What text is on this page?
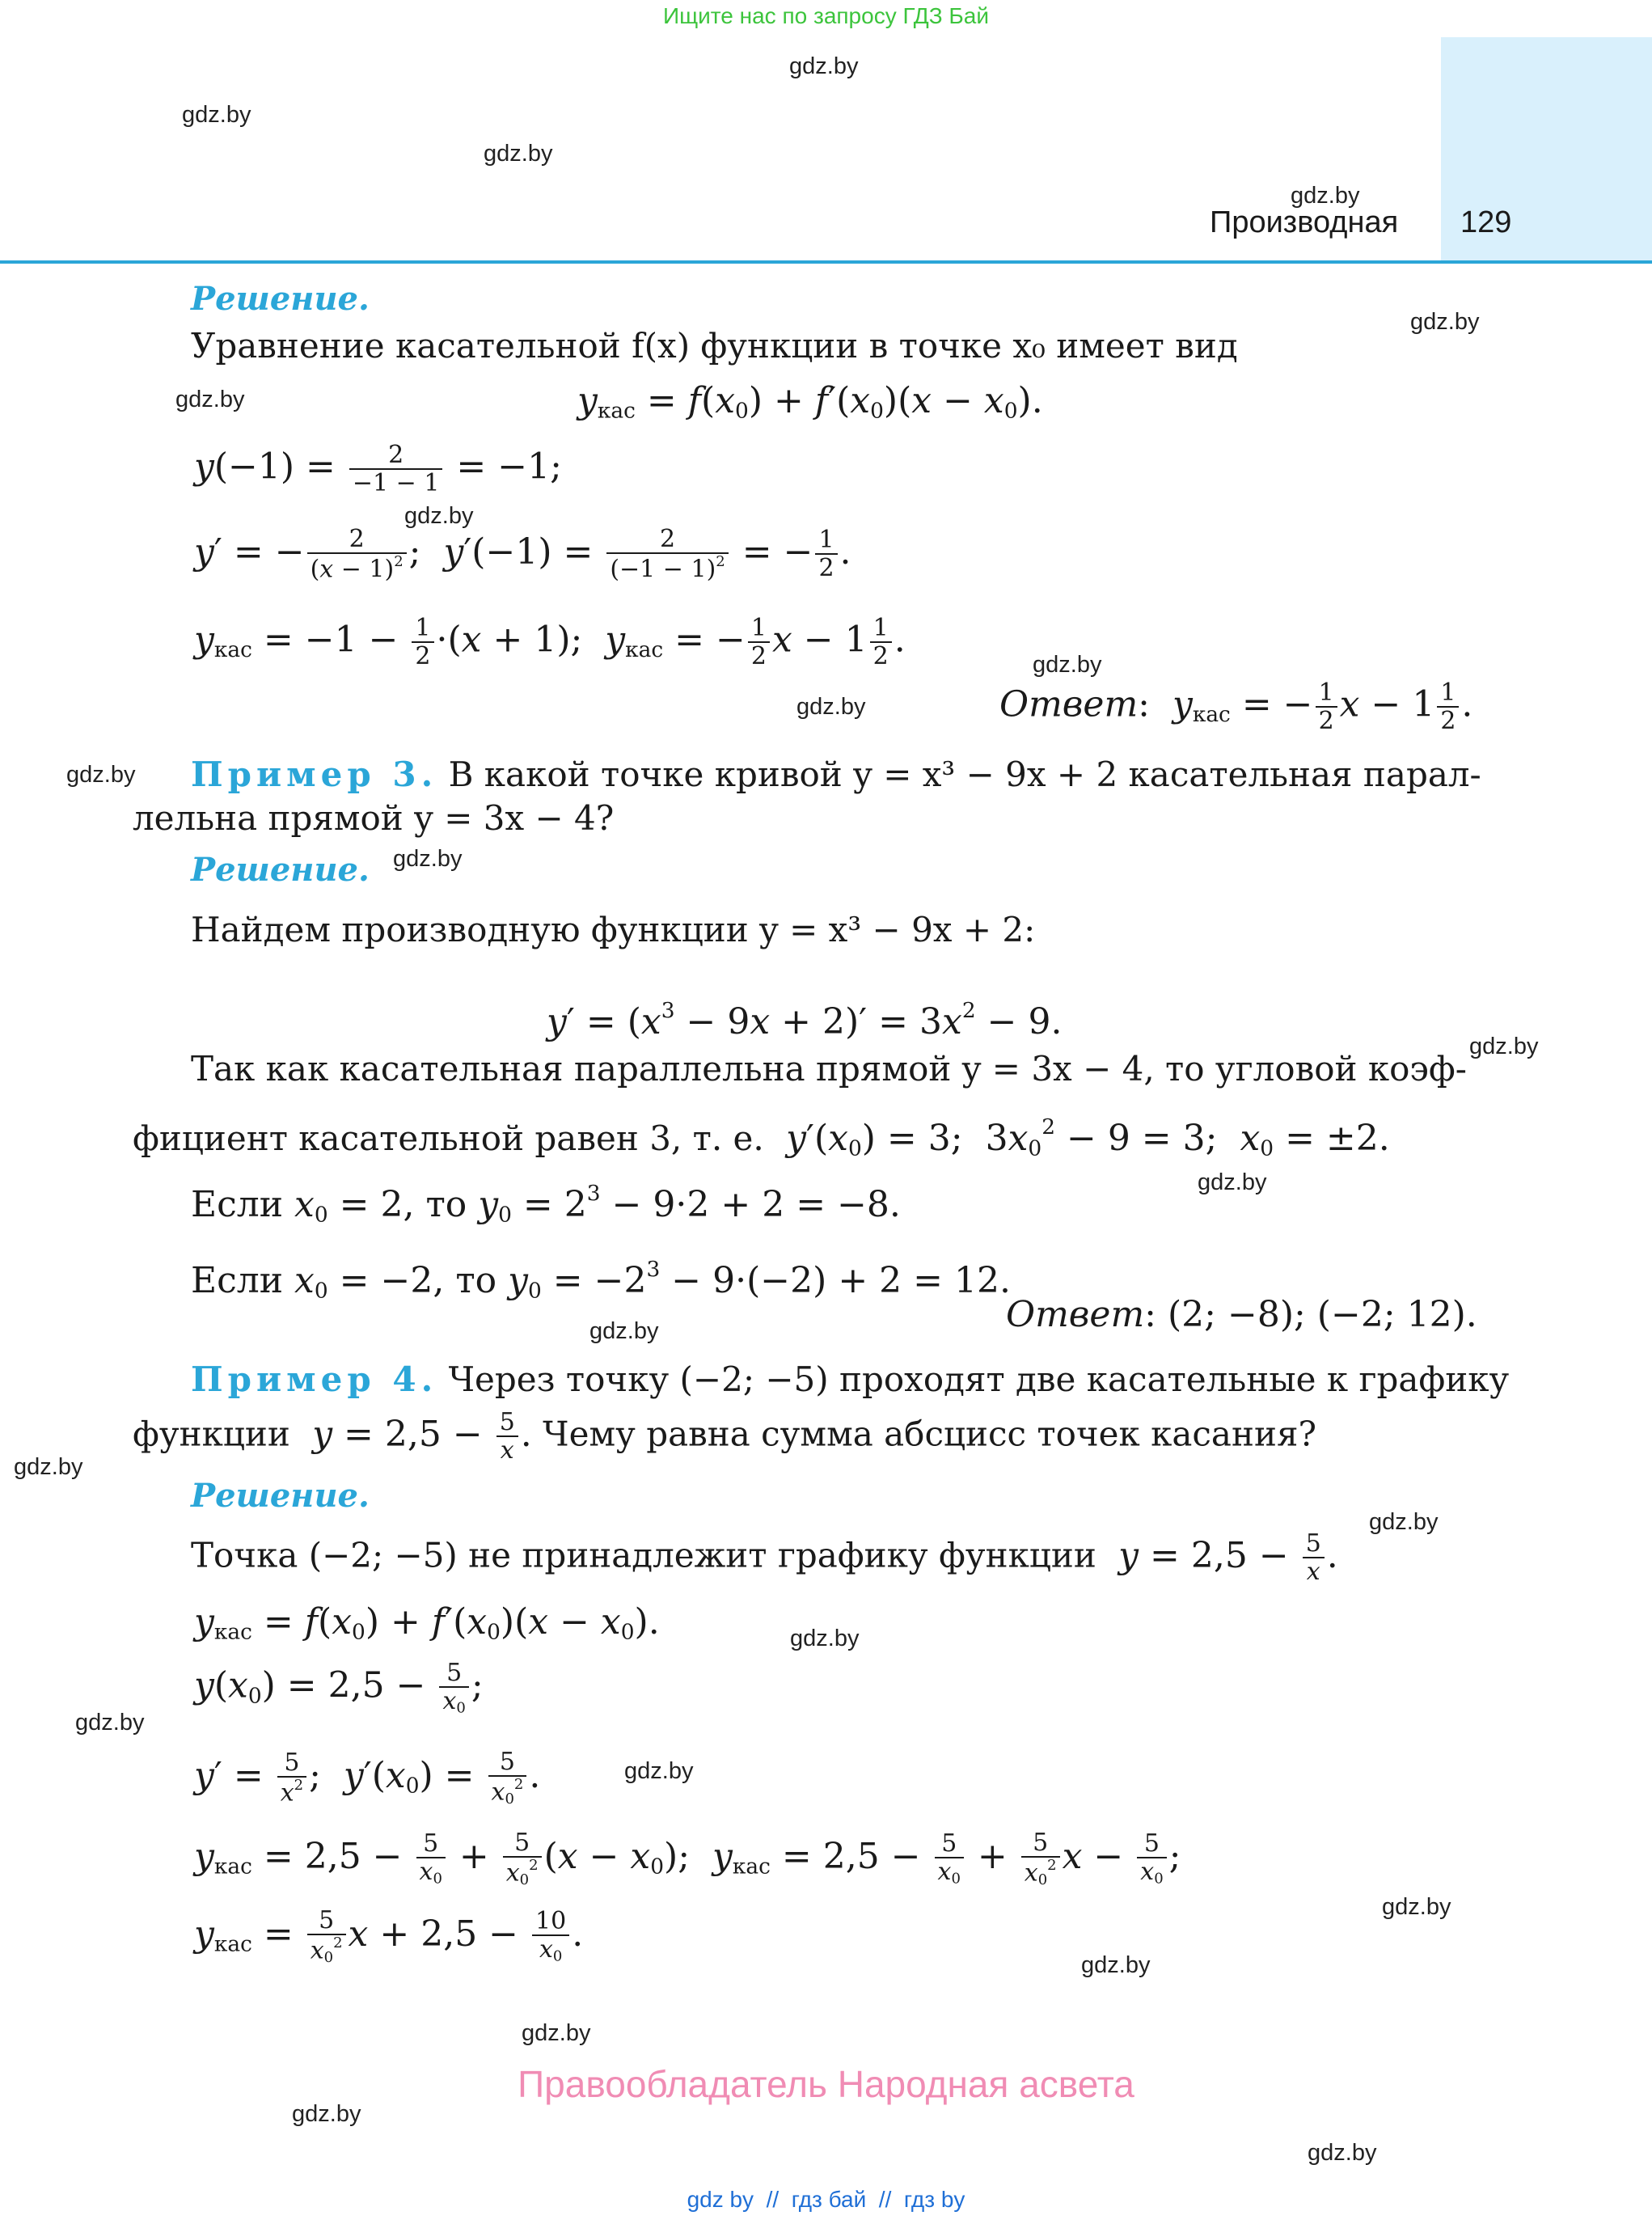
Ищите нас по запросу ГДЗ Бай
Производная 129
gdz.by
gdz.by
gdz.by
gdz.by
gdz.by
gdz.by
gdz.by
gdz.by
gdz.by
gdz.by
gdz.by
gdz.by
gdz.by
gdz.by
gdz.by
gdz.by
gdz.by
gdz.by
gdz.by
gdz.by
gdz.by
gdz.by
gdz.by
gdz.by
Решение.
Уравнение касательной f(x) функции в точке x₀ имеет вид
$y_{кас} = f(x_0) + f'(x_0)(x - x_0)$.
$y(-1) = \frac{2}{-1 - 1} = -1$;
y′ = − $\frac{2}{(x - 1)^2}$ ;  $y'(-1) = \frac{2}{(-1 - 1)^2}$ = − $\frac{1}{2}$ .
$y_{кас} = -1 - \frac{1}{2} \cdot(x + 1)$;  $y_{кас}$ = − $\frac{1}{2}$ $x - 1 \frac{1}{2}$ .
Ответ:  $y_{кас}$ = − $\frac{1}{2}$ $x - 1 \frac{1}{2}$ .
Пример 3. В какой точке кривой y = x³ − 9x + 2 касательная парал-
лельна прямой y = 3x − 4?
Решение.
Найдем производную функции y = x³ − 9x + 2:
$y' = (x^3 - 9x + 2)' = 3x^2 - 9$.
Так как касательная параллельна прямой y = 3x − 4, то угловой коэф-
фициент касательной равен 3, т. е. $y'(x_0) = 3$;  $3x_0^2 - 9 = 3$;  $x_0 = \pm 2$.
Если $x_0 = 2$, то $y_0 = 2^3 - 9\cdot 2 + 2 = -8$.
Если $x_0 = -2$, то $y_0 = -2^3 - 9\cdot(-2) + 2 = 12$.
Ответ: (2; −8); (−2; 12).
Пример 4. Через точку (−2; −5) проходят две касательные к графику
функции $y = 2,5 - \frac{5}{x}$ . Чему равна сумма абсцисс точек касания?
Решение.
Точка (−2; −5) не принадлежит графику функции $y = 2,5 - \frac{5}{x}$ .
$y_{кас} = f(x_0) + f'(x_0)(x - x_0)$.
$y(x_0) = 2,5 - \frac{5}{x_0}$ ;
$y' = \frac{5}{x^2}$ ;  $y'(x_0) = \frac{5}{x_0^2}$ .
$y_{кас} = 2,5 - \frac{5}{x_0} + \frac{5}{x_0^2} (x - x_0)$;  $y_{кас} = 2,5 - \frac{5}{x_0} + \frac{5}{x_0^2}$ $x - \frac{5}{x_0}$ ;
$y_{кас} = \frac{5}{x_0^2}$ $x + 2,5 - \frac{10}{x_0}$ .
Правообладатель Народная асвета
gdz by  //  гдз бай  //  гдз by
